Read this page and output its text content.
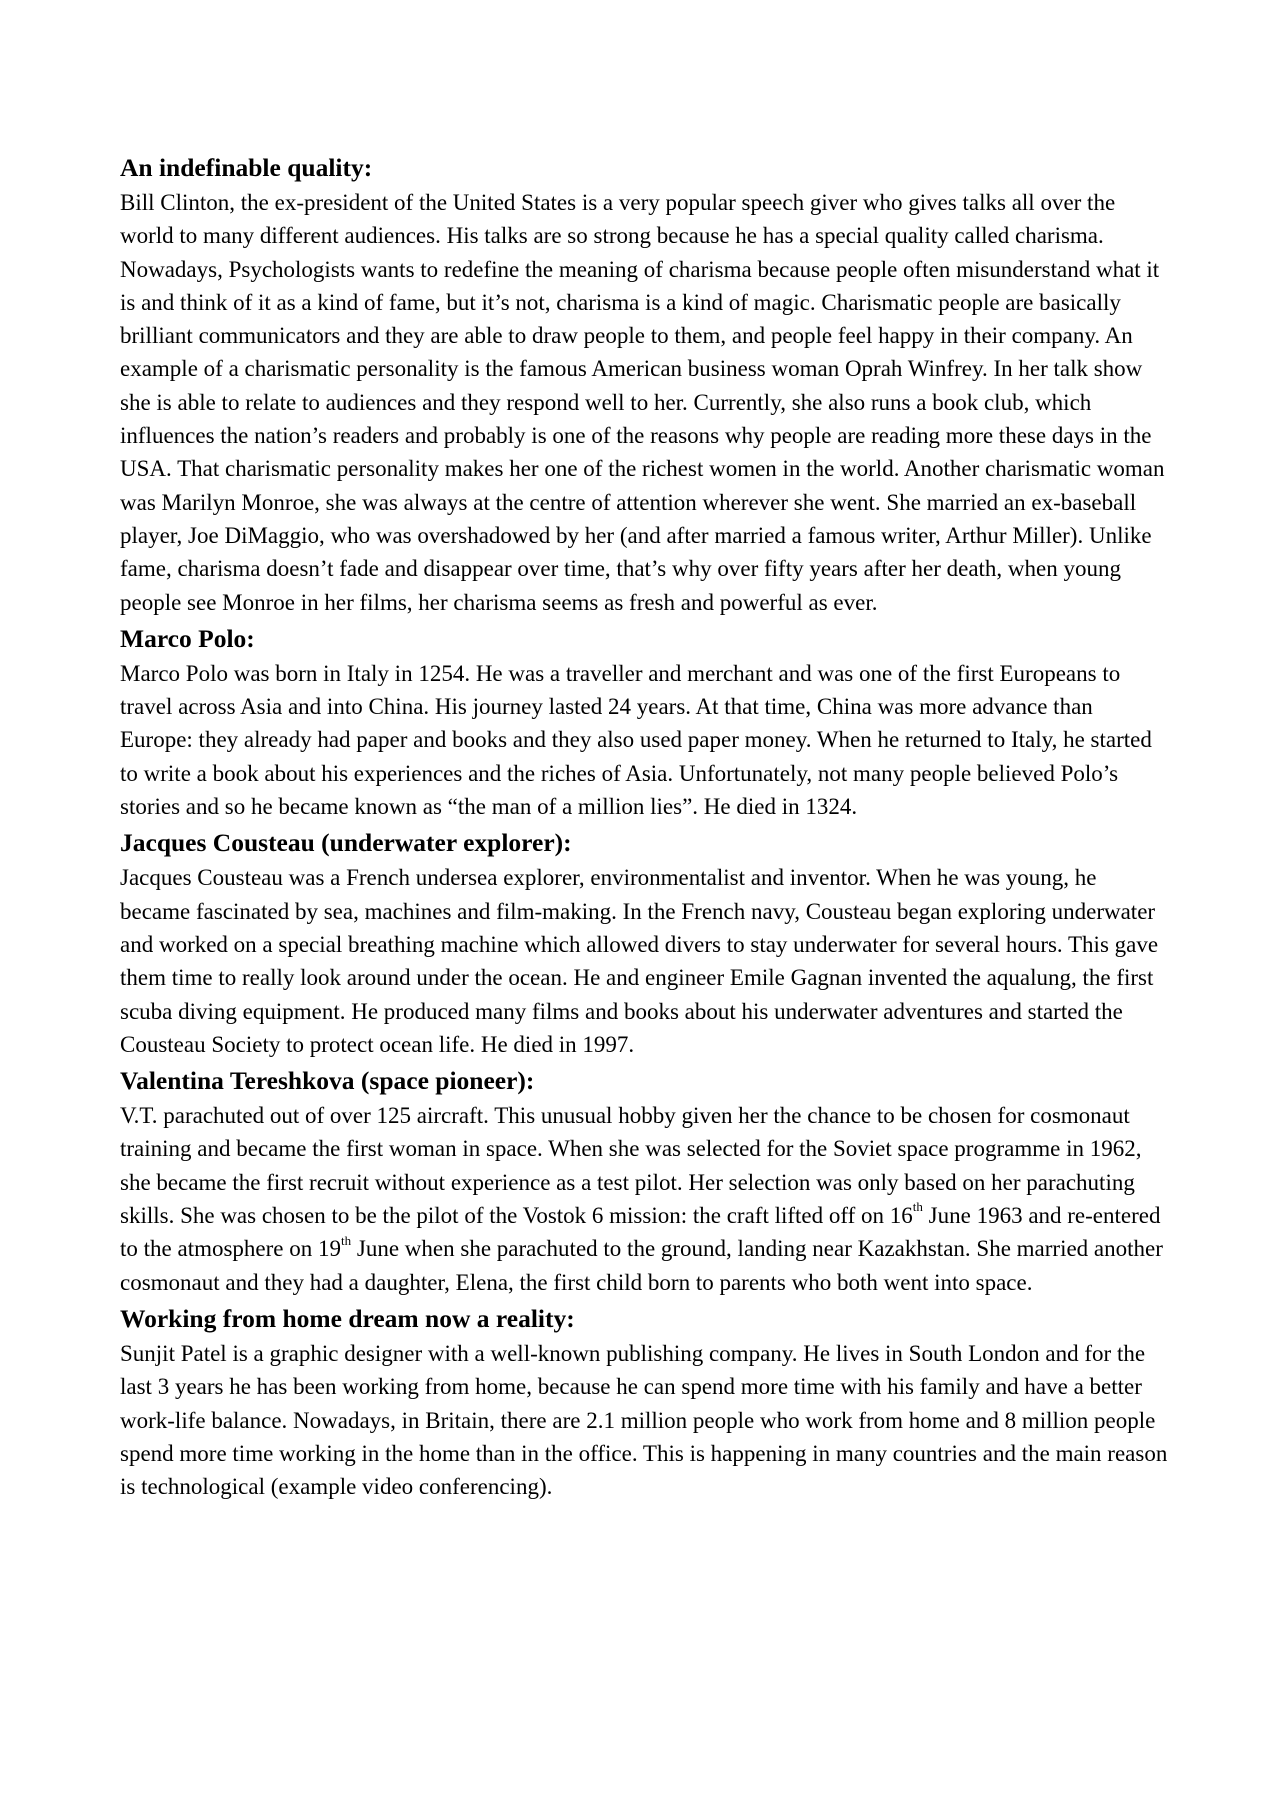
An indefinable quality:

Bill Clinton, the ex-president of the United States is a very popular speech giver who gives talks all over the world to many different audiences. His talks are so strong because he has a special quality called charisma. Nowadays, Psychologists wants to redefine the meaning of charisma because people often misunderstand what it is and think of it as a kind of fame, but it’s not, charisma is a kind of magic. Charismatic people are basically brilliant communicators and they are able to draw people to them, and people feel happy in their company. An example of a charismatic personality is the famous American business woman Oprah Winfrey. In her talk show she is able to relate to audiences and they respond well to her. Currently, she also runs a book club, which influences the nation’s readers and probably is one of the reasons why people are reading more these days in the USA. That charismatic personality makes her one of the richest women in the world. Another charismatic woman was Marilyn Monroe, she was always at the centre of attention wherever she went. She married an ex-baseball player, Joe DiMaggio, who was overshadowed by her (and after married a famous writer, Arthur Miller). Unlike fame, charisma doesn’t fade and disappear over time, that’s why over fifty years after her death, when young people see Monroe in her films, her charisma seems as fresh and powerful as ever.

Marco Polo:

Marco Polo was born in Italy in 1254. He was a traveller and merchant and was one of the first Europeans to travel across Asia and into China. His journey lasted 24 years. At that time, China was more advance than Europe: they already had paper and books and they also used paper money. When he returned to Italy, he started to write a book about his experiences and the riches of Asia. Unfortunately, not many people believed Polo’s stories and so he became known as “the man of a million lies”. He died in 1324.

Jacques Cousteau (underwater explorer):

Jacques Cousteau was a French undersea explorer, environmentalist and inventor. When he was young, he became fascinated by sea, machines and film-making. In the French navy, Cousteau began exploring underwater and worked on a special breathing machine which allowed divers to stay underwater for several hours. This gave them time to really look around under the ocean. He and engineer Emile Gagnan invented the aqualung, the first scuba diving equipment. He produced many films and books about his underwater adventures and started the Cousteau Society to protect ocean life. He died in 1997.

Valentina Tereshkova (space pioneer):

V.T. parachuted out of over 125 aircraft. This unusual hobby given her the chance to be chosen for cosmonaut training and became the first woman in space. When she was selected for the Soviet space programme in 1962, she became the first recruit without experience as a test pilot. Her selection was only based on her parachuting skills. She was chosen to be the pilot of the Vostok 6 mission: the craft lifted off on 16th June 1963 and re-entered to the atmosphere on 19th June when she parachuted to the ground, landing near Kazakhstan. She married another cosmonaut and they had a daughter, Elena, the first child born to parents who both went into space.

Working from home dream now a reality:

Sunjit Patel is a graphic designer with a well-known publishing company. He lives in South London and for the last 3 years he has been working from home, because he can spend more time with his family and have a better work-life balance. Nowadays, in Britain, there are 2.1 million people who work from home and 8 million people spend more time working in the home than in the office. This is happening in many countries and the main reason is technological (example video conferencing).
